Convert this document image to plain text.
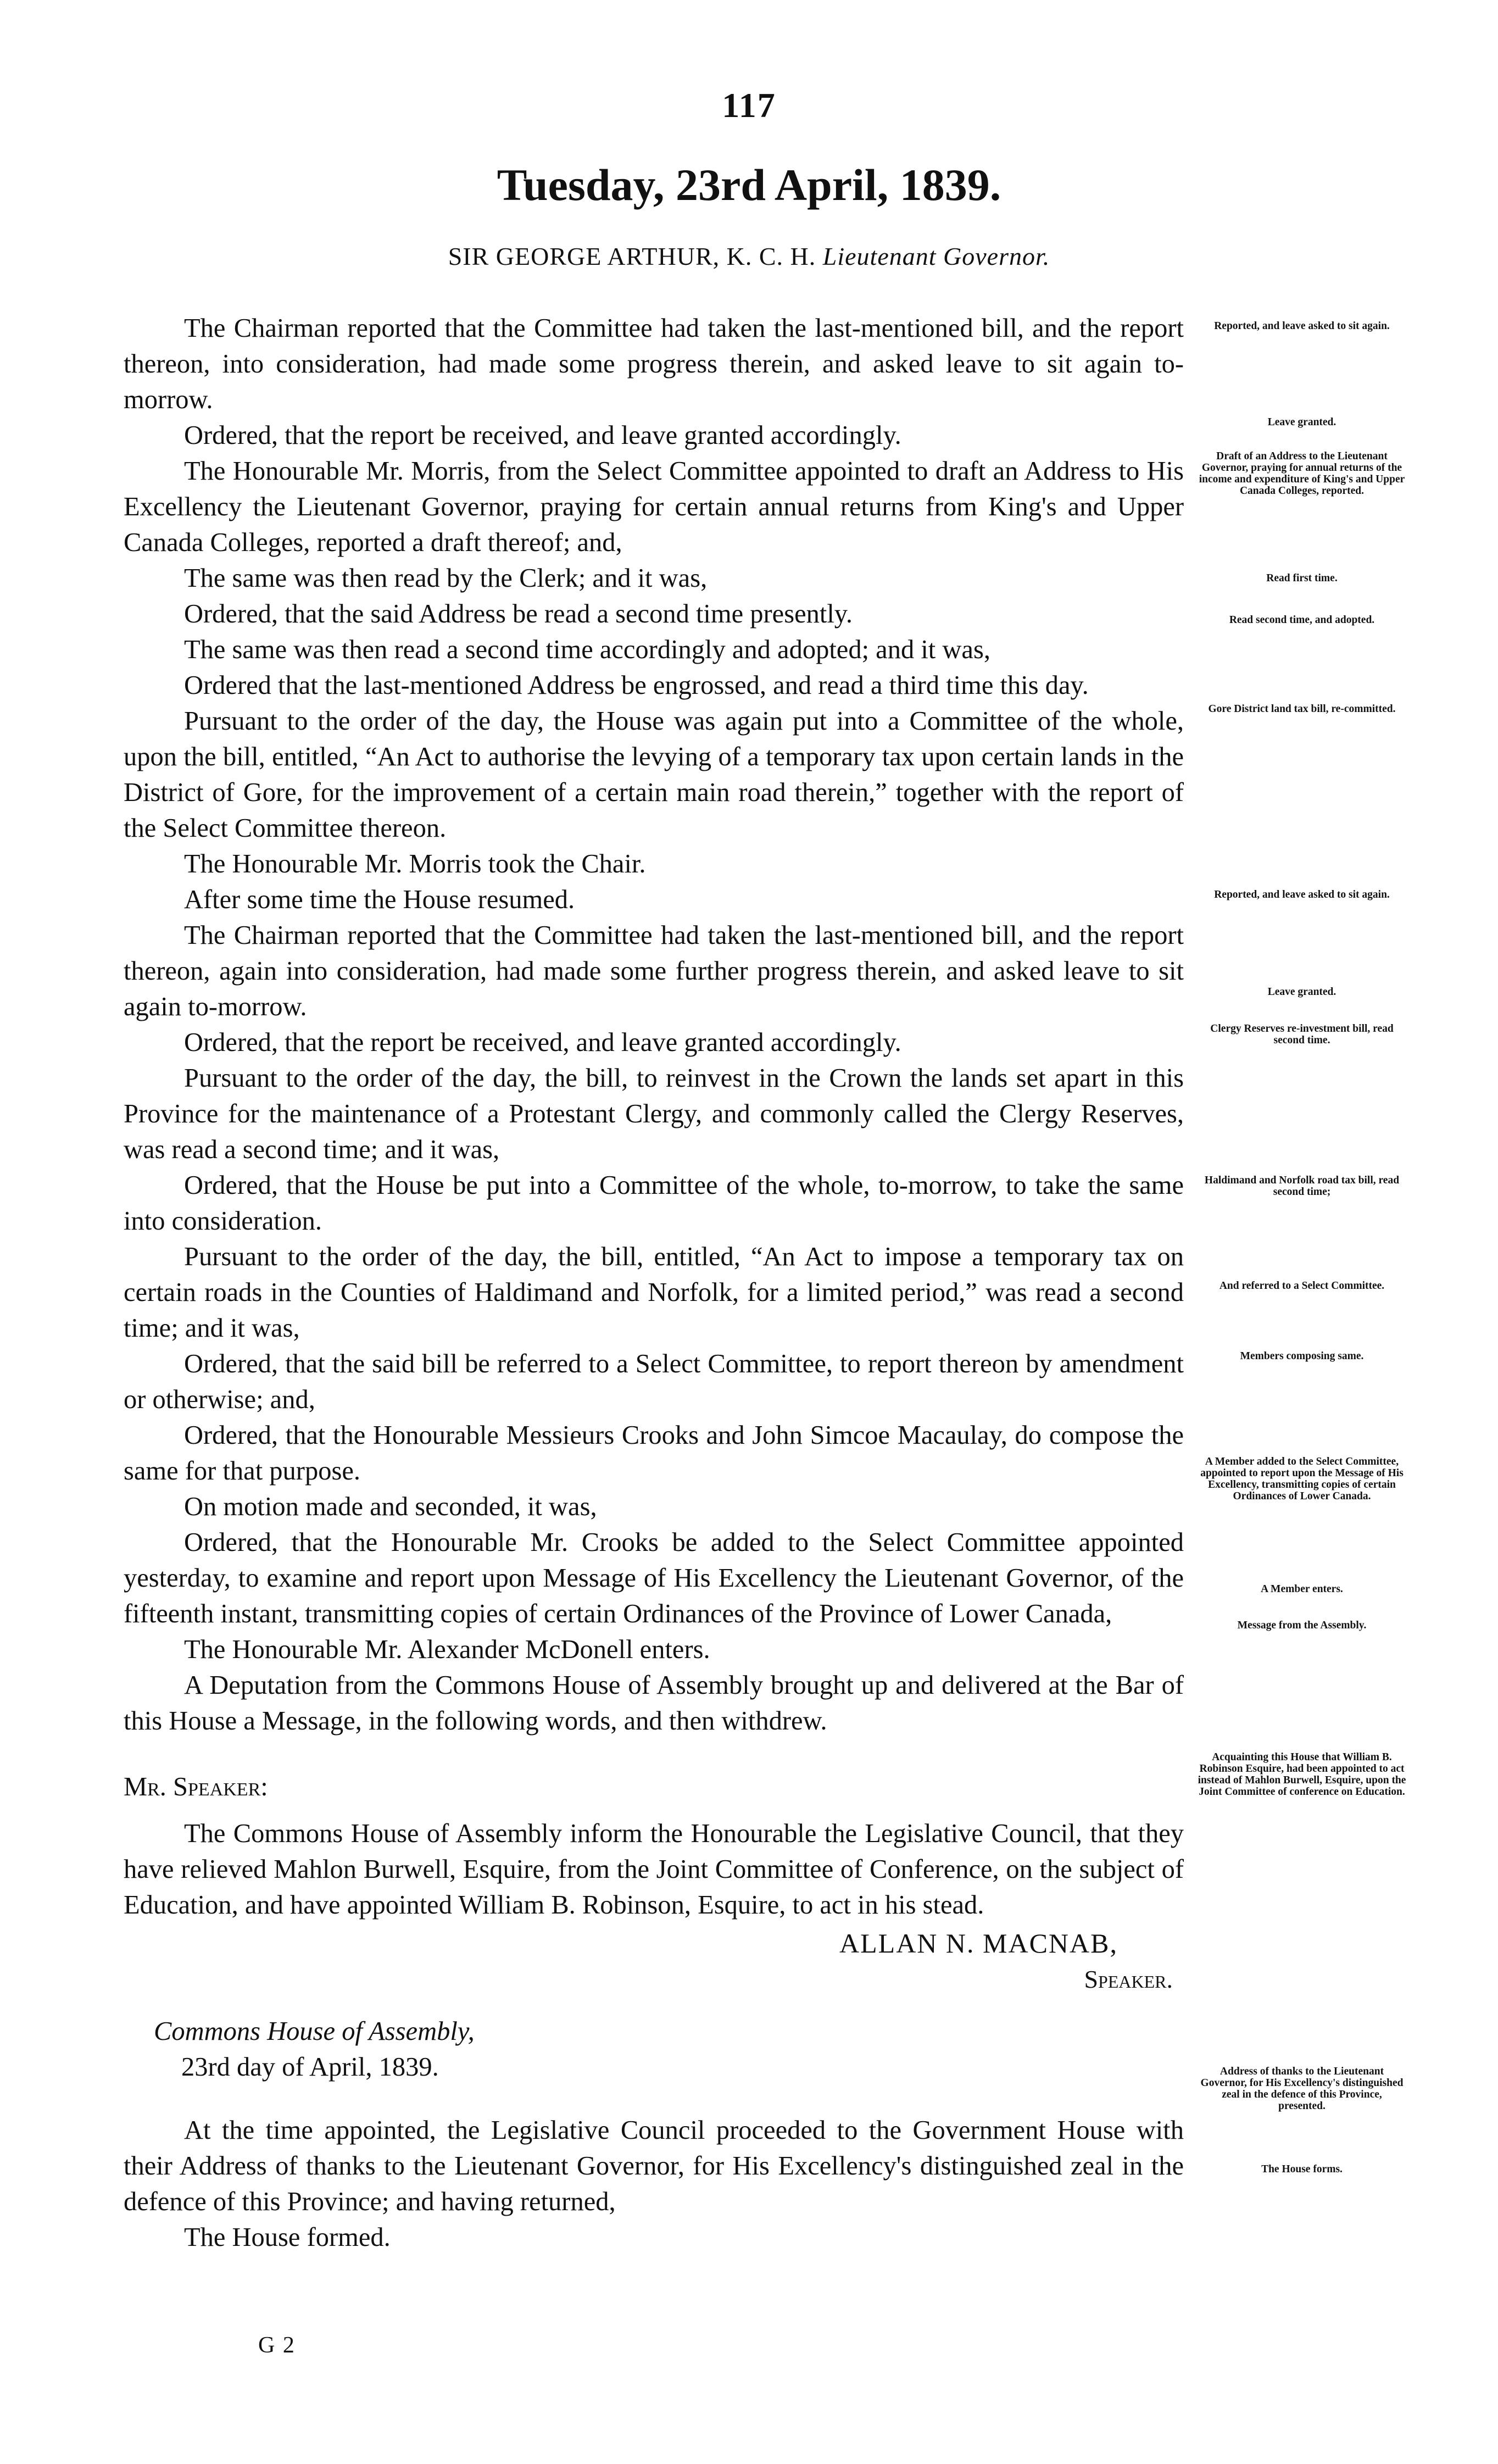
117
Tuesday, 23rd April, 1839.
SIR GEORGE ARTHUR, K. C. H. Lieutenant Governor.

The Chairman reported that the Committee had taken the last-mentioned bill, and the report thereon, into consideration, had made some progress therein, and asked leave to sit again to-morrow.

Ordered, that the report be received, and leave granted accordingly.

The Honourable Mr. Morris, from the Select Committee appointed to draft an Address to His Excellency the Lieutenant Governor, praying for certain annual returns from King's and Upper Canada Colleges, reported a draft thereof; and,

The same was then read by the Clerk; and it was,

Ordered, that the said Address be read a second time presently.

The same was then read a second time accordingly and adopted; and it was,

Ordered that the last-mentioned Address be engrossed, and read a third time this day.

Pursuant to the order of the day, the House was again put into a Committee of the whole, upon the bill, entitled, “An Act to authorise the levying of a temporary tax upon certain lands in the District of Gore, for the improvement of a certain main road therein,” together with the report of the Select Committee thereon.

The Honourable Mr. Morris took the Chair.

After some time the House resumed.

The Chairman reported that the Committee had taken the last-mentioned bill, and the report thereon, again into consideration, had made some further progress therein, and asked leave to sit again to-morrow.

Ordered, that the report be received, and leave granted accordingly.

Pursuant to the order of the day, the bill, to reinvest in the Crown the lands set apart in this Province for the maintenance of a Protestant Clergy, and commonly called the Clergy Reserves, was read a second time; and it was,

Ordered, that the House be put into a Committee of the whole, to-morrow, to take the same into consideration.

Pursuant to the order of the day, the bill, entitled, “An Act to impose a temporary tax on certain roads in the Counties of Haldimand and Norfolk, for a limited period,” was read a second time; and it was,

Ordered, that the said bill be referred to a Select Committee, to report thereon by amendment or otherwise; and,

Ordered, that the Honourable Messieurs Crooks and John Simcoe Macaulay, do compose the same for that purpose.

On motion made and seconded, it was,

Ordered, that the Honourable Mr. Crooks be added to the Select Committee appointed yesterday, to examine and report upon Message of His Excellency the Lieutenant Governor, of the fifteenth instant, transmitting copies of certain Ordinances of the Province of Lower Canada,

The Honourable Mr. Alexander McDonell enters.

A Deputation from the Commons House of Assembly brought up and delivered at the Bar of this House a Message, in the following words, and then withdrew.

Mr. Speaker:

The Commons House of Assembly inform the Honourable the Legislative Council, that they have relieved Mahlon Burwell, Esquire, from the Joint Committee of Conference, on the subject of Education, and have appointed William B. Robinson, Esquire, to act in his stead.

ALLAN N. MACNAB,

Speaker.

Commons House of Assembly,

23rd day of April, 1839.

At the time appointed, the Legislative Council proceeded to the Government House with their Address of thanks to the Lieutenant Governor, for His Excellency's distinguished zeal in the defence of this Province; and having returned,

The House formed.

G 2
Reported, and leave asked to sit again.
Leave granted.
Draft of an Address to the Lieutenant Governor, praying for annual returns of the income and expenditure of King's and Upper Canada Colleges, reported.
Read first time.
Read second time, and adopted.
Gore District land tax bill, re-committed.
Reported, and leave asked to sit again.
Leave granted.
Clergy Reserves re-investment bill, read second time.
Haldimand and Norfolk road tax bill, read second time;
And referred to a Select Committee.
Members composing same.
A Member added to the Select Committee, appointed to report upon the Message of His Excellency, transmitting copies of certain Ordinances of Lower Canada.
A Member enters.
Message from the Assembly.
Acquainting this House that William B. Robinson Esquire, had been appointed to act instead of Mahlon Burwell, Esquire, upon the Joint Committee of conference on Education.
Address of thanks to the Lieutenant Governor, for His Excellency's distinguished zeal in the defence of this Province, presented.
The House forms.
